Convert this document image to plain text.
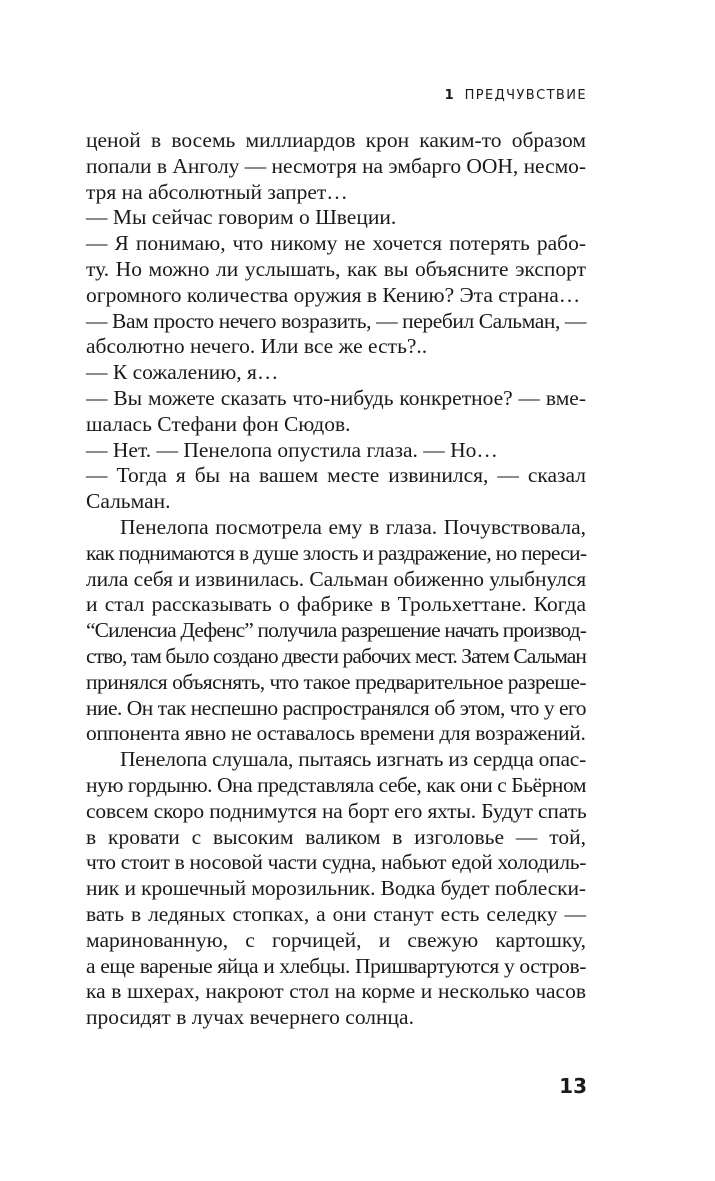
1 ПРЕДЧУВСТВИЕ
ценой в восемь миллиардов крон каким-то образом
попали в Анголу — несмотря на эмбарго ООН, несмо-
тря на абсолютный запрет…
— Мы сейчас говорим о Швеции.
— Я понимаю, что никому не хочется потерять рабо-
ту. Но можно ли услышать, как вы объясните экспорт
огромного количества оружия в Кению? Эта страна…
— Вам просто нечего возразить, — перебил Сальман, —
абсолютно нечего. Или все же есть?..
— К сожалению, я…
— Вы можете сказать что-нибудь конкретное? — вме-
шалась Стефани фон Сюдов.
— Нет. — Пенелопа опустила глаза. — Но…
— Тогда я бы на вашем месте извинился, — сказал
Сальман.
Пенелопа посмотрела ему в глаза. Почувствовала,
как поднимаются в душе злость и раздражение, но переси-
лила себя и извинилась. Сальман обиженно улыбнулся
и стал рассказывать о фабрике в Трольхеттане. Когда
“Силенсиа Дефенс” получила разрешение начать производ-
ство, там было создано двести рабочих мест. Затем Сальман
принялся объяснять, что такое предварительное разреше-
ние. Он так неспешно распространялся об этом, что у его
оппонента явно не оставалось времени для возражений.
Пенелопа слушала, пытаясь изгнать из сердца опас-
ную гордыню. Она представляла себе, как они с Бьёрном
совсем скоро поднимутся на борт его яхты. Будут спать
в кровати с высоким валиком в изголовье — той,
что стоит в носовой части судна, набьют едой холодиль-
ник и крошечный морозильник. Водка будет поблески-
вать в ледяных стопках, а они станут есть селедку —
маринованную, с горчицей, и свежую картошку,
а еще вареные яйца и хлебцы. Пришвартуются у остров-
ка в шхерах, накроют стол на корме и несколько часов
просидят в лучах вечернего солнца.
13
